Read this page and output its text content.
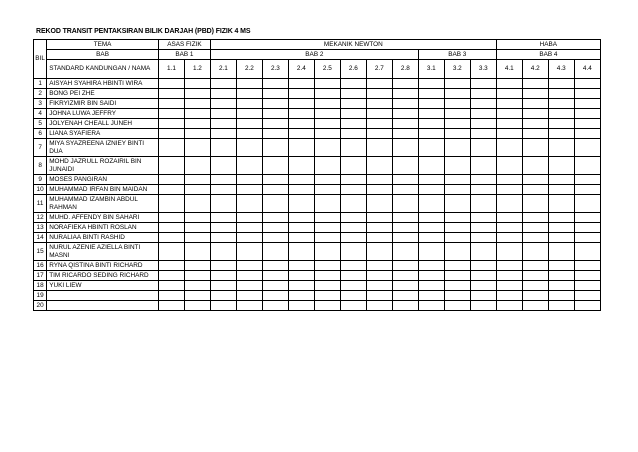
REKOD TRANSIT PENTAKSIRAN BILIK DARJAH (PBD) FIZIK 4 MS
BIL	TEMA	ASAS FIZIK		MEKANIK NEWTON											HABA			
	BAB	BAB 1		BAB 2								BAB 3			BAB 4			
	STANDARD KANDUNGAN / NAMA	1.1	1.2	2.1	2.2	2.3	2.4	2.5	2.6	2.7	2.8	3.1	3.2	3.3	4.1	4.2	4.3	4.4
1	AISYAH SYAHIRA HBINTI WIRA																	
2	BONG PEI ZHE																	
3	FIKRYIZMIR BIN SAIDI																	
4	JOHNA LUWA JEFFRY																	
5	JOLYENAH CHEALL JUNEH																	
6	LIANA SYAFIERA																	
7	MIYA SYAZREENA IZNIEY BINTI DUA																	
8	MOHD JAZRULL ROZAIRIL BIN JUNAIDI																	
9	MOSES PANGIRAN																	
10	MUHAMMAD IRFAN BIN MAIDAN																	
11	MUHAMMAD IZAMBIN ABDUL RAHMAN																	
12	MUHD. AFFENDY BIN SAHARI																	
13	NORAFIEKA HBINTI ROSLAN																	
14	NURALIAA BINTI RASHID																	
15	NURUL AZENIE AZIELLA BINTI MASNI																	
16	RYNA QISTINA BINTI RICHARD																	
17	TIM RICARDO SEDING RICHARD																	
18	YUKI LIEW																	
19																		
20																		
